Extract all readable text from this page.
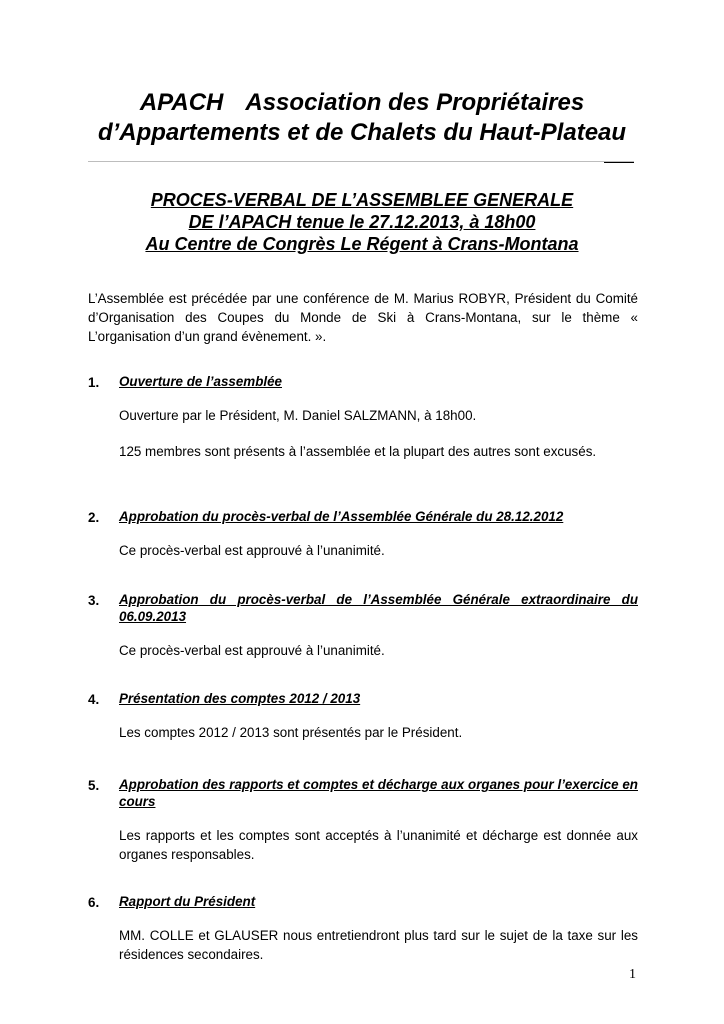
APACH Association des Propriétaires
d’Appartements et de Chalets du Haut-Plateau
PROCES-VERBAL DE L’ASSEMBLEE GENERALE
DE l’APACH tenue le 27.12.2013, à 18h00
Au Centre de Congrès Le Régent à Crans-Montana
L’Assemblée est précédée par une conférence de M. Marius ROBYR, Président du Comité d’Organisation des Coupes du Monde de Ski à Crans-Montana, sur le thème « L’organisation d’un grand évènement. ».
1. Ouverture de l’assemblée
Ouverture par le Président, M. Daniel SALZMANN, à 18h00.
125 membres sont présents à l’assemblée et la plupart des autres sont excusés.
2. Approbation du procès-verbal de l’Assemblée Générale du 28.12.2012
Ce procès-verbal est approuvé à l’unanimité.
3. Approbation du procès-verbal de l’Assemblée Générale extraordinaire du 06.09.2013
Ce procès-verbal est approuvé à l’unanimité.
4. Présentation des comptes 2012 / 2013
Les comptes 2012 / 2013 sont présentés par le Président.
5. Approbation des rapports et comptes et décharge aux organes pour l’exercice en cours
Les rapports et les comptes sont acceptés à l’unanimité et décharge est donnée aux organes responsables.
6. Rapport du Président
MM. COLLE et GLAUSER nous entretiendront plus tard sur le sujet de la taxe sur les résidences secondaires.
1
